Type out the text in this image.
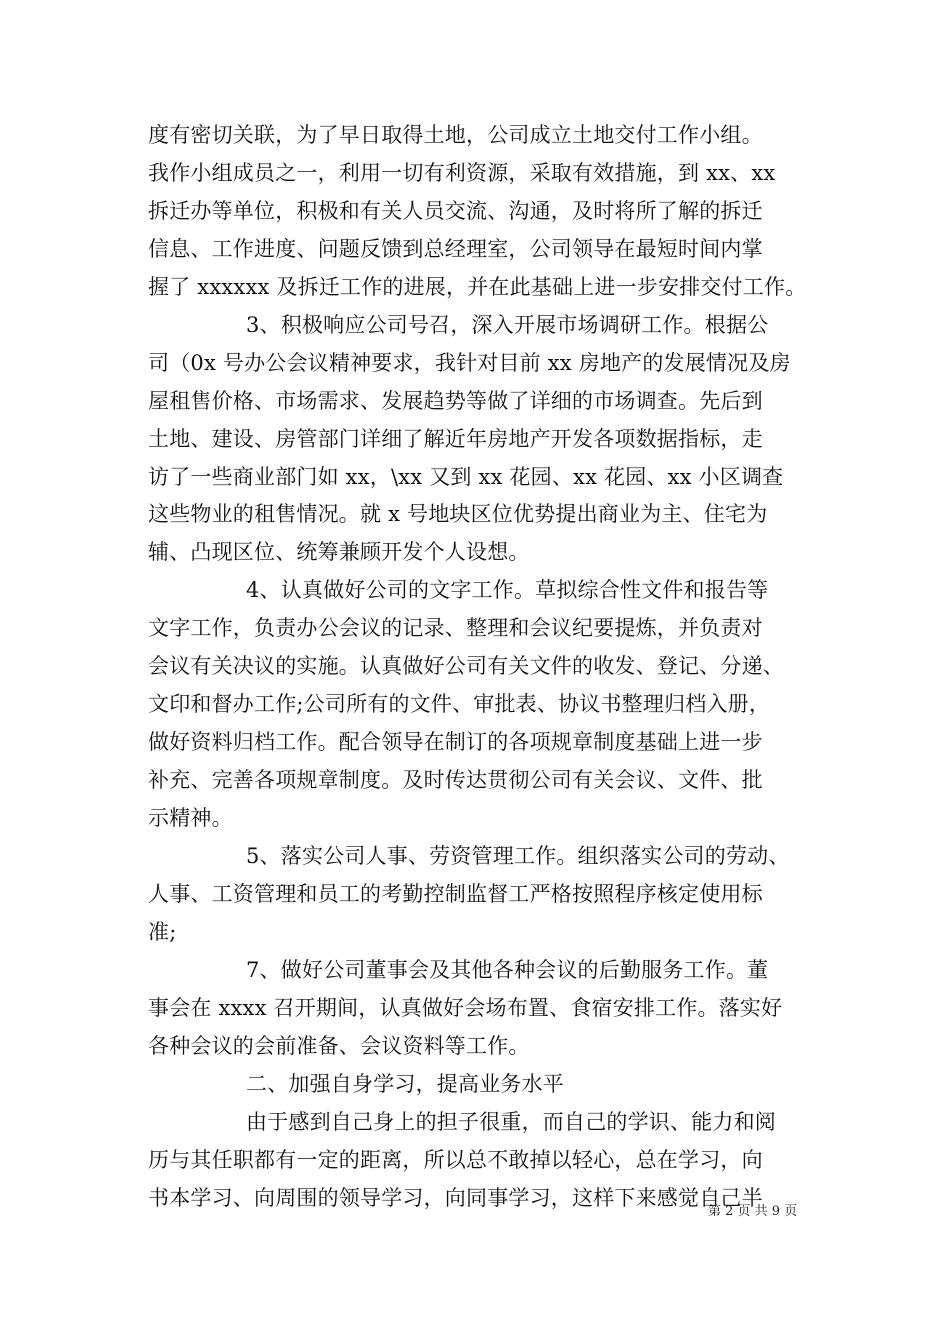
度有密切关联，为了早日取得土地，公司成立土地交付工作小组。
我作小组成员之一，利用一切有利资源，采取有效措施，到 xx、xx
拆迁办等单位，积极和有关人员交流、沟通，及时将所了解的拆迁
信息、工作进度、问题反馈到总经理室，公司领导在最短时间内掌
握了 xxxxxx 及拆迁工作的进展，并在此基础上进一步安排交付工作。
3、积极响应公司号召，深入开展市场调研工作。根据公
司（0x 号办公会议精神要求，我针对目前 xx 房地产的发展情况及房
屋租售价格、市场需求、发展趋势等做了详细的市场调查。先后到
土地、建设、房管部门详细了解近年房地产开发各项数据指标，走
访了一些商业部门如 xx，\xx 又到 xx 花园、xx 花园、xx 小区调查
这些物业的租售情况。就 x 号地块区位优势提出商业为主、住宅为
辅、凸现区位、统筹兼顾开发个人设想。
4、认真做好公司的文字工作。草拟综合性文件和报告等
文字工作，负责办公会议的记录、整理和会议纪要提炼，并负责对
会议有关决议的实施。认真做好公司有关文件的收发、登记、分递、
文印和督办工作;公司所有的文件、审批表、协议书整理归档入册，
做好资料归档工作。配合领导在制订的各项规章制度基础上进一步
补充、完善各项规章制度。及时传达贯彻公司有关会议、文件、批
示精神。
5、落实公司人事、劳资管理工作。组织落实公司的劳动、
人事、工资管理和员工的考勤控制监督工严格按照程序核定使用标
准;
7、做好公司董事会及其他各种会议的后勤服务工作。董
事会在 xxxx 召开期间，认真做好会场布置、食宿安排工作。落实好
各种会议的会前准备、会议资料等工作。
二、加强自身学习，提高业务水平
由于感到自己身上的担子很重，而自己的学识、能力和阅
历与其任职都有一定的距离，所以总不敢掉以轻心，总在学习，向
书本学习、向周围的领导学习，向同事学习，这样下来感觉自己半
第 2 页 共 9 页
